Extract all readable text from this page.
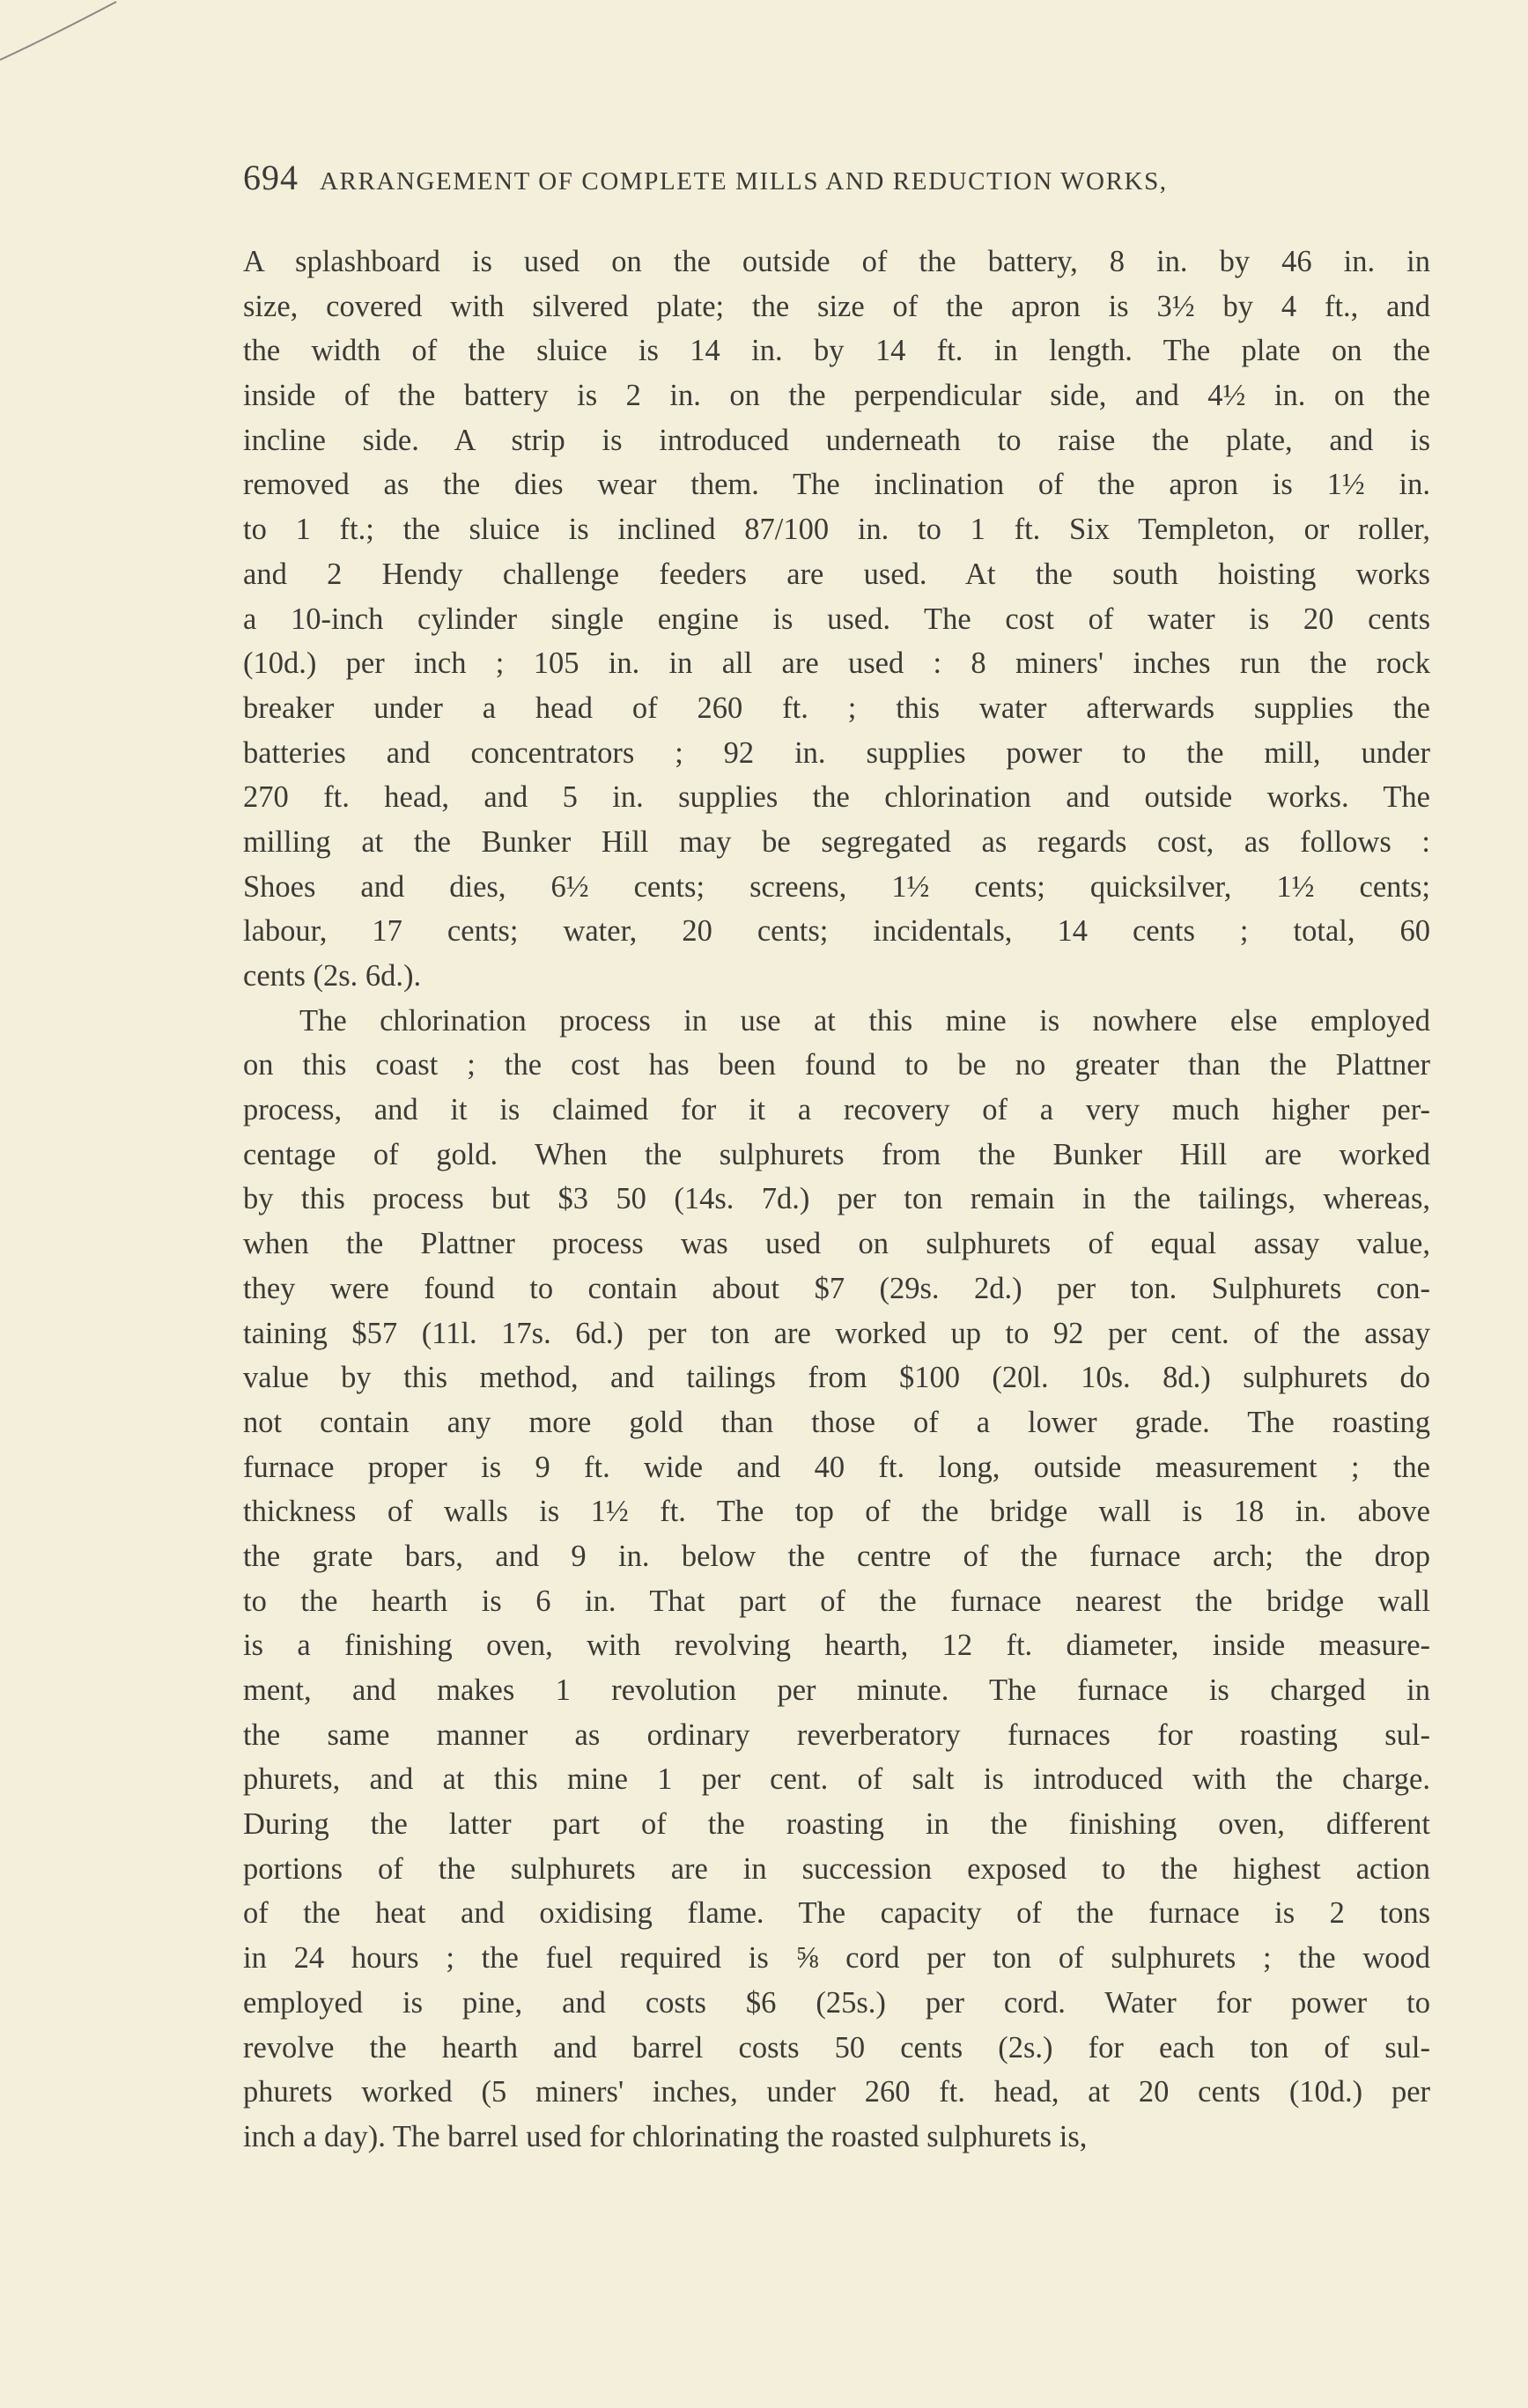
694 ARRANGEMENT OF COMPLETE MILLS AND REDUCTION WORKS,
A splashboard is used on the outside of the battery, 8 in. by 46 in. in
size, covered with silvered plate; the size of the apron is 3½ by 4 ft., and
the width of the sluice is 14 in. by 14 ft. in length. The plate on the
inside of the battery is 2 in. on the perpendicular side, and 4½ in. on the
incline side. A strip is introduced underneath to raise the plate, and is
removed as the dies wear them. The inclination of the apron is 1½ in.
to 1 ft.; the sluice is inclined 87/100 in. to 1 ft. Six Templeton, or roller,
and 2 Hendy challenge feeders are used. At the south hoisting works
a 10-inch cylinder single engine is used. The cost of water is 20 cents
(10d.) per inch ; 105 in. in all are used : 8 miners' inches run the rock
breaker under a head of 260 ft. ; this water afterwards supplies the
batteries and concentrators ; 92 in. supplies power to the mill, under
270 ft. head, and 5 in. supplies the chlorination and outside works. The
milling at the Bunker Hill may be segregated as regards cost, as follows :
Shoes and dies, 6½ cents; screens, 1½ cents; quicksilver, 1½ cents;
labour, 17 cents; water, 20 cents; incidentals, 14 cents ; total, 60
cents (2s. 6d.).
The chlorination process in use at this mine is nowhere else employed
on this coast ; the cost has been found to be no greater than the Plattner
process, and it is claimed for it a recovery of a very much higher per-
centage of gold. When the sulphurets from the Bunker Hill are worked
by this process but $3 50 (14s. 7d.) per ton remain in the tailings, whereas,
when the Plattner process was used on sulphurets of equal assay value,
they were found to contain about $7 (29s. 2d.) per ton. Sulphurets con-
taining $57 (11l. 17s. 6d.) per ton are worked up to 92 per cent. of the assay
value by this method, and tailings from $100 (20l. 10s. 8d.) sulphurets do
not contain any more gold than those of a lower grade. The roasting
furnace proper is 9 ft. wide and 40 ft. long, outside measurement ; the
thickness of walls is 1½ ft. The top of the bridge wall is 18 in. above
the grate bars, and 9 in. below the centre of the furnace arch; the drop
to the hearth is 6 in. That part of the furnace nearest the bridge wall
is a finishing oven, with revolving hearth, 12 ft. diameter, inside measure-
ment, and makes 1 revolution per minute. The furnace is charged in
the same manner as ordinary reverberatory furnaces for roasting sul-
phurets, and at this mine 1 per cent. of salt is introduced with the charge.
During the latter part of the roasting in the finishing oven, different
portions of the sulphurets are in succession exposed to the highest action
of the heat and oxidising flame. The capacity of the furnace is 2 tons
in 24 hours ; the fuel required is ⅝ cord per ton of sulphurets ; the wood
employed is pine, and costs $6 (25s.) per cord. Water for power to
revolve the hearth and barrel costs 50 cents (2s.) for each ton of sul-
phurets worked (5 miners' inches, under 260 ft. head, at 20 cents (10d.) per
inch a day). The barrel used for chlorinating the roasted sulphurets is,
